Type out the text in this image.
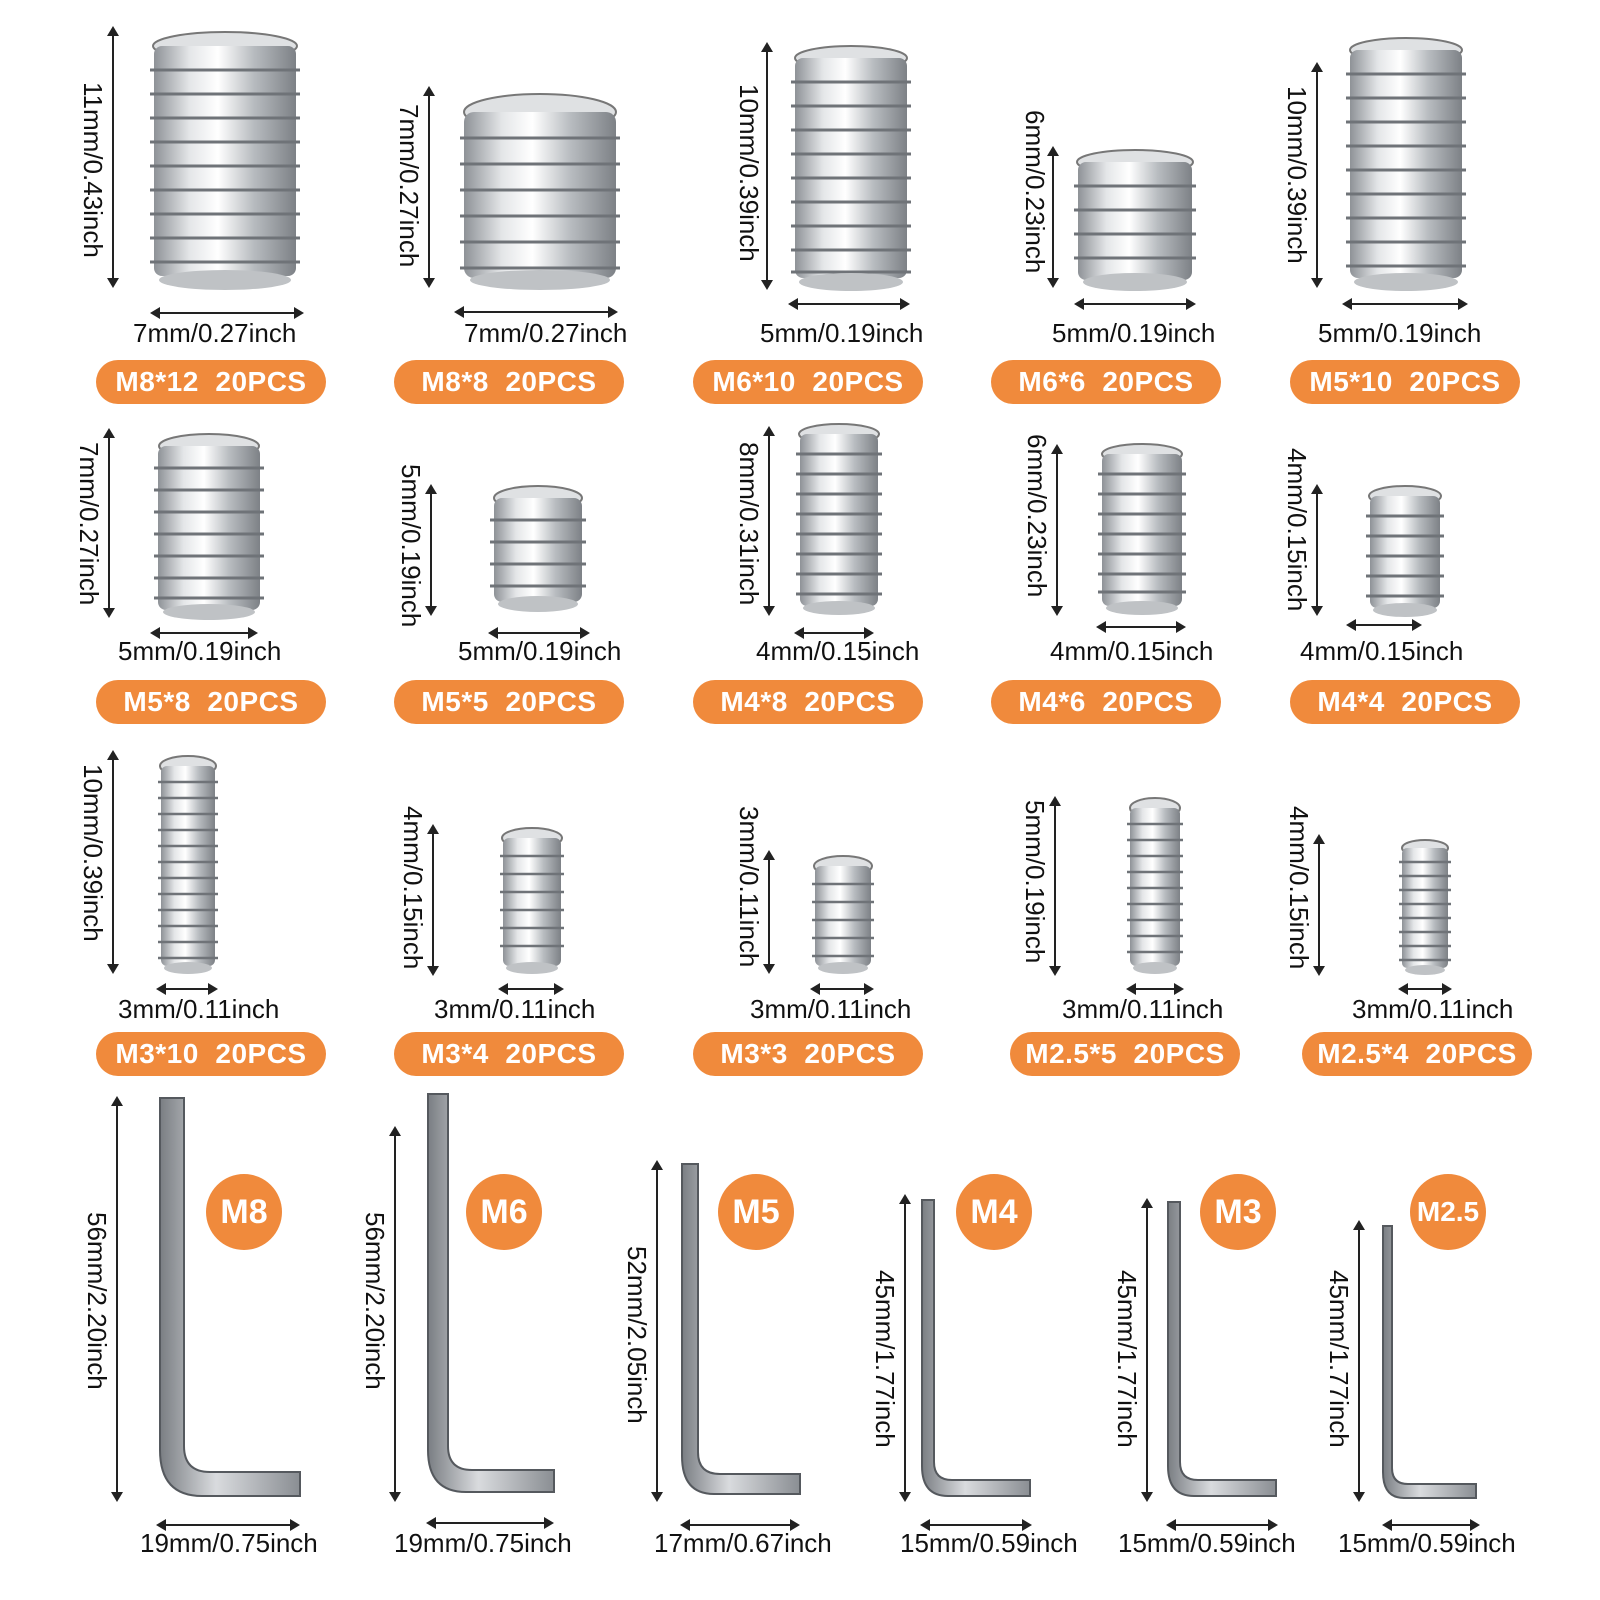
11mm/0.43inch
7mm/0.27inch
M8*12  20PCS
7mm/0.27inch
7mm/0.27inch
M8*8  20PCS
10mm/0.39inch
5mm/0.19inch
M6*10  20PCS
6mm/0.23inch
5mm/0.19inch
M6*6  20PCS
10mm/0.39inch
5mm/0.19inch
M5*10  20PCS
7mm/0.27inch
5mm/0.19inch
M5*8  20PCS
5mm/0.19inch
5mm/0.19inch
M5*5  20PCS
8mm/0.31inch
4mm/0.15inch
M4*8  20PCS
6mm/0.23inch
4mm/0.15inch
M4*6  20PCS
4mm/0.15inch
4mm/0.15inch
M4*4  20PCS
10mm/0.39inch
3mm/0.11inch
M3*10  20PCS
4mm/0.15inch
3mm/0.11inch
M3*4  20PCS
3mm/0.11inch
3mm/0.11inch
M3*3  20PCS
5mm/0.19inch
3mm/0.11inch
M2.5*5  20PCS
4mm/0.15inch
3mm/0.11inch
M2.5*4  20PCS
56mm/2.20inch
19mm/0.75inch
M8
56mm/2.20inch
19mm/0.75inch
M6
52mm/2.05inch
17mm/0.67inch
M5
45mm/1.77inch
15mm/0.59inch
M4
45mm/1.77inch
15mm/0.59inch
M3
45mm/1.77inch
15mm/0.59inch
M2.5
